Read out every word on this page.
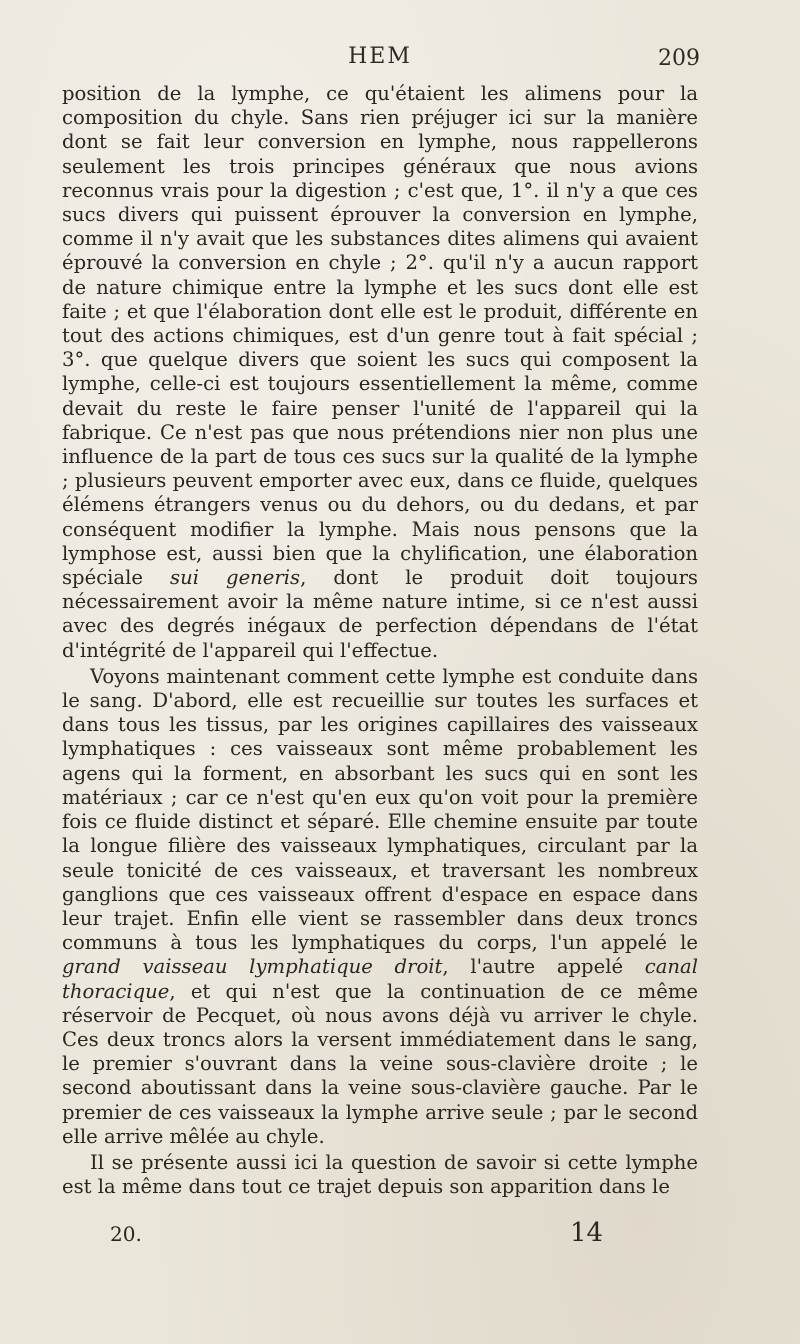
HEM	209

position de la lymphe, ce qu'étaient les alimens pour la composition du chyle. Sans rien préjuger ici sur la manière dont se fait leur conversion en lymphe, nous rappellerons seulement les trois principes généraux que nous avions reconnus vrais pour la digestion ; c'est que, 1°. il n'y a que ces sucs divers qui puissent éprouver la conversion en lymphe, comme il n'y avait que les substances dites alimens qui avaient éprouvé la conversion en chyle ; 2°. qu'il n'y a aucun rapport de nature chimique entre la lymphe et les sucs dont elle est faite ; et que l'élaboration dont elle est le produit, différente en tout des actions chimiques, est d'un genre tout à fait spécial ; 3°. que quelque divers que soient les sucs qui composent la lymphe, celle-ci est toujours essentiellement la même, comme devait du reste le faire penser l'unité de l'appareil qui la fabrique. Ce n'est pas que nous prétendions nier non plus une influence de la part de tous ces sucs sur la qualité de la lymphe ; plusieurs peuvent emporter avec eux, dans ce fluide, quelques élémens étrangers venus ou du dehors, ou du dedans, et par conséquent modifier la lymphe. Mais nous pensons que la lymphose est, aussi bien que la chylification, une élaboration spéciale sui generis, dont le produit doit toujours nécessairement avoir la même nature intime, si ce n'est aussi avec des degrés inégaux de perfection dépendans de l'état d'intégrité de l'appareil qui l'effectue.

Voyons maintenant comment cette lymphe est conduite dans le sang. D'abord, elle est recueillie sur toutes les surfaces et dans tous les tissus, par les origines capillaires des vaisseaux lymphatiques : ces vaisseaux sont même probablement les agens qui la forment, en absorbant les sucs qui en sont les matériaux ; car ce n'est qu'en eux qu'on voit pour la première fois ce fluide distinct et séparé. Elle chemine ensuite par toute la longue filière des vaisseaux lymphatiques, circulant par la seule tonicité de ces vaisseaux, et traversant les nombreux ganglions que ces vaisseaux offrent d'espace en espace dans leur trajet. Enfin elle vient se rassembler dans deux troncs communs à tous les lymphatiques du corps, l'un appelé le grand vaisseau lymphatique droit, l'autre appelé canal thoracique, et qui n'est que la continuation de ce même réservoir de Pecquet, où nous avons déjà vu arriver le chyle. Ces deux troncs alors la versent immédiatement dans le sang, le premier s'ouvrant dans la veine sous-clavière droite ; le second aboutissant dans la veine sous-clavière gauche. Par le premier de ces vaisseaux la lymphe arrive seule ; par le second elle arrive mêlée au chyle.

Il se présente aussi ici la question de savoir si cette lymphe est la même dans tout ce trajet depuis son apparition dans le

20.	14
